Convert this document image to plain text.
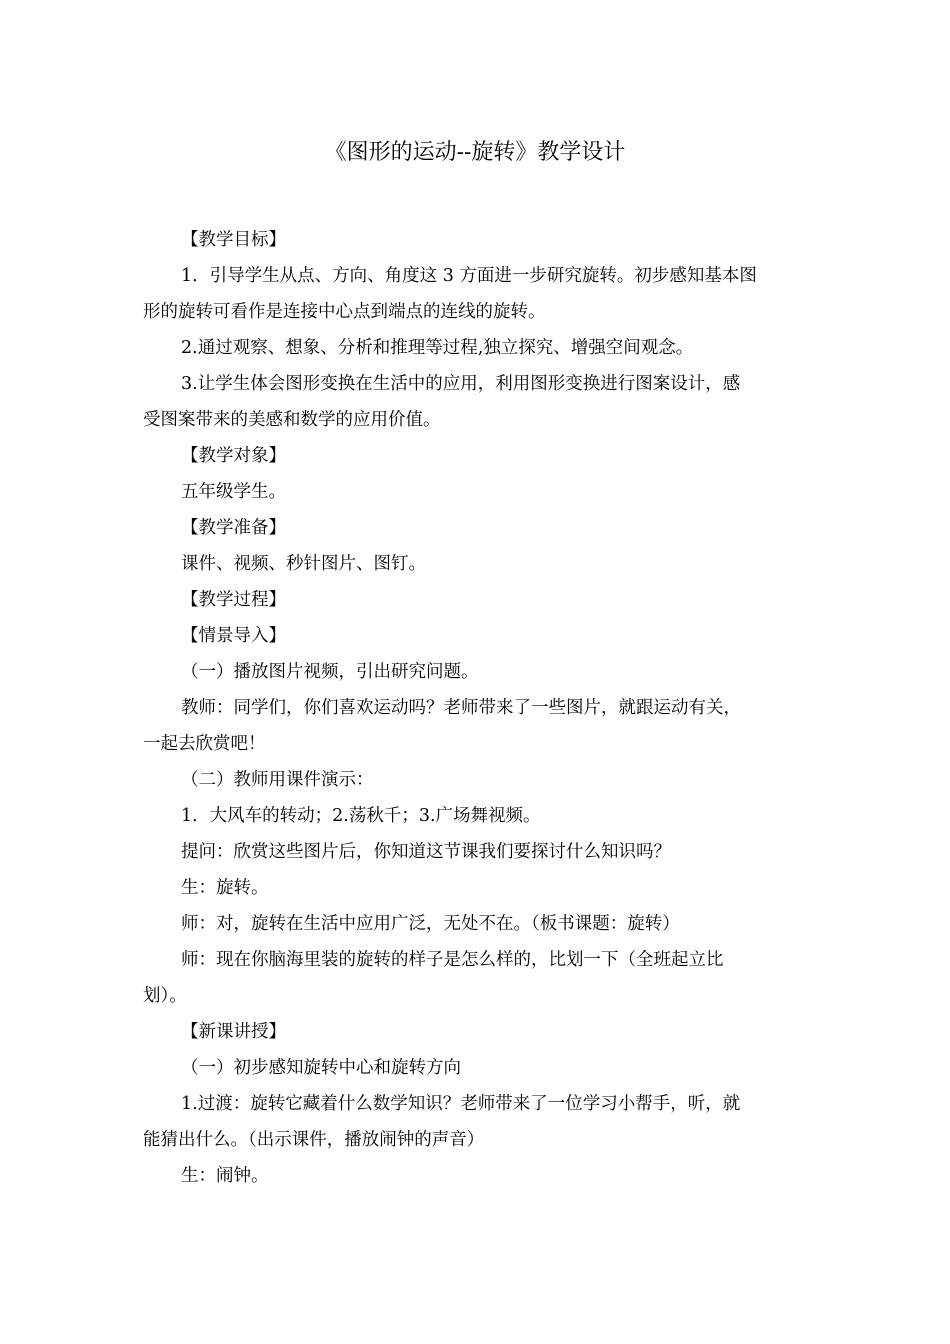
《图形的运动--旋转》教学设计
【教学目标】
1．引导学生从点、方向、角度这 3 方面进一步研究旋转。初步感知基本图
形的旋转可看作是连接中心点到端点的连线的旋转。
2.通过观察、想象、分析和推理等过程,独立探究、增强空间观念。
3.让学生体会图形变换在生活中的应用，利用图形变换进行图案设计，感
受图案带来的美感和数学的应用价值。
【教学对象】
五年级学生。
【教学准备】
课件、视频、秒针图片、图钉。
【教学过程】
【情景导入】
（一）播放图片视频，引出研究问题。
教师：同学们，你们喜欢运动吗？老师带来了一些图片，就跟运动有关，
一起去欣赏吧！
（二）教师用课件演示：
1．大风车的转动；2.荡秋千；3.广场舞视频。
提问：欣赏这些图片后，你知道这节课我们要探讨什么知识吗？
生：旋转。
师：对，旋转在生活中应用广泛，无处不在。（板书课题：旋转）
师：现在你脑海里装的旋转的样子是怎么样的，比划一下（全班起立比
划）。
【新课讲授】
（一）初步感知旋转中心和旋转方向
1.过渡：旋转它藏着什么数学知识？老师带来了一位学习小帮手，听，就
能猜出什么。（出示课件，播放闹钟的声音）
生：闹钟。
